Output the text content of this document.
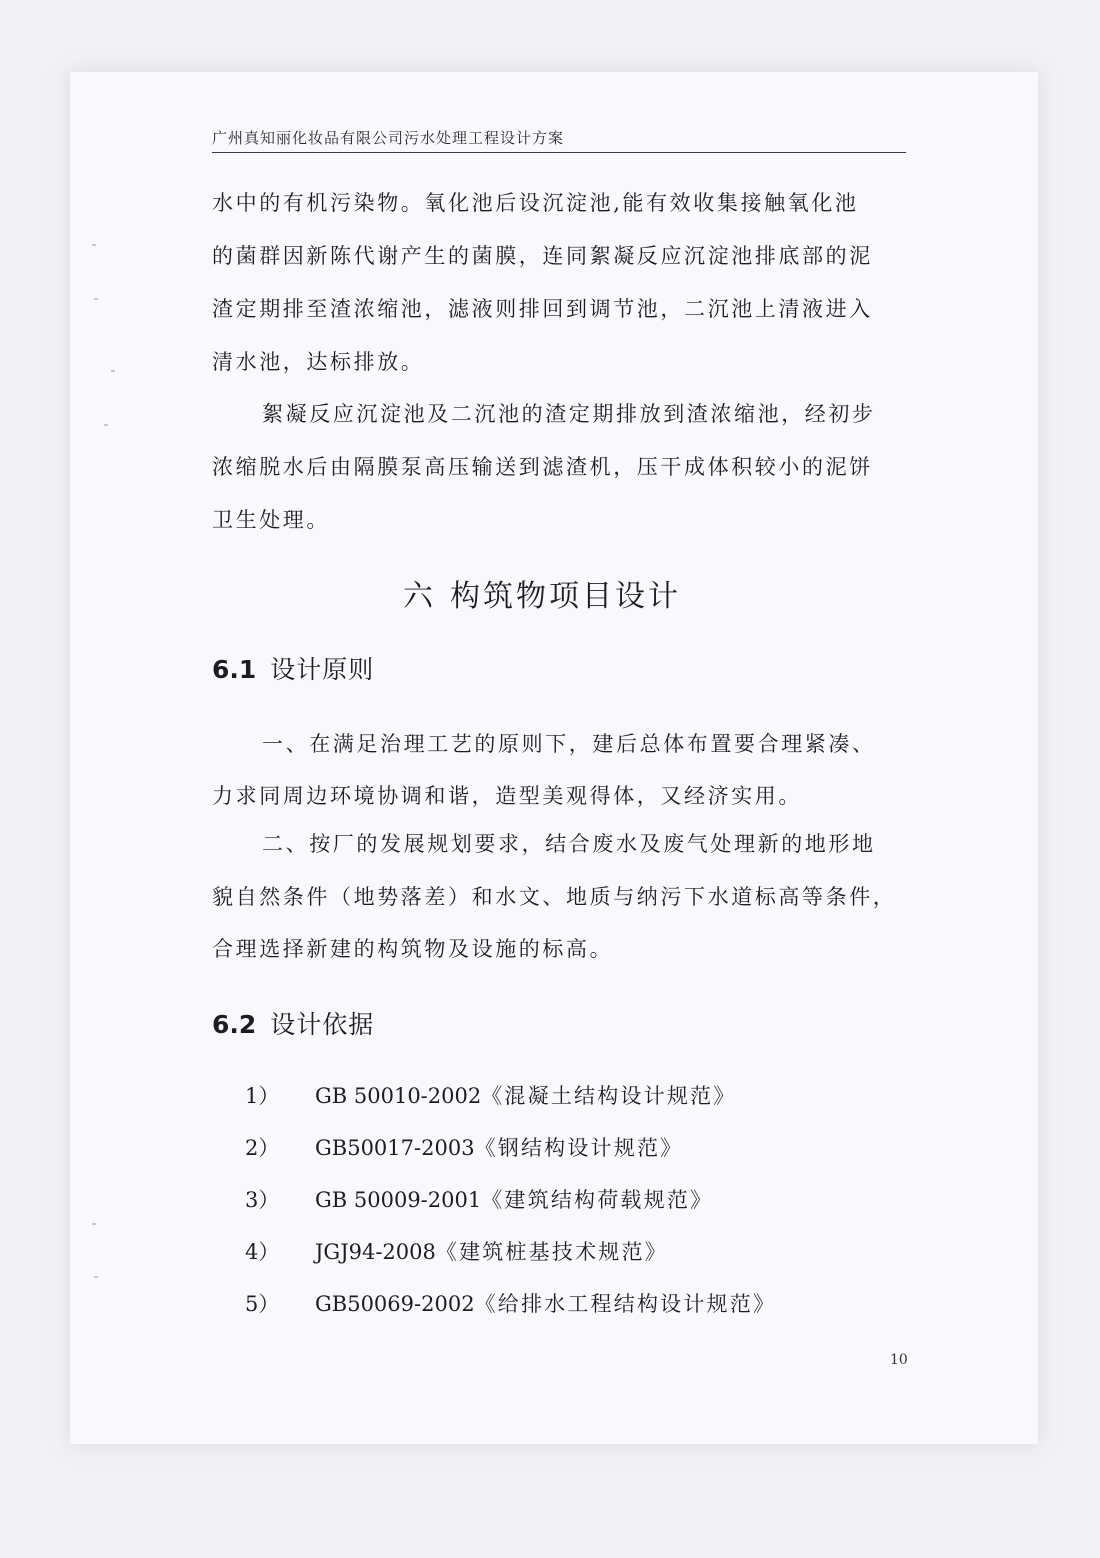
广州真知丽化妆品有限公司污水处理工程设计方案
水中的有机污染物。氧化池后设沉淀池,能有效收集接触氧化池
的菌群因新陈代谢产生的菌膜，连同絮凝反应沉淀池排底部的泥
渣定期排至渣浓缩池，滤液则排回到调节池，二沉池上清液进入
清水池，达标排放。
絮凝反应沉淀池及二沉池的渣定期排放到渣浓缩池，经初步
浓缩脱水后由隔膜泵高压输送到滤渣机，压干成体积较小的泥饼
卫生处理。
六 构筑物项目设计
6.1 设计原则
一、在满足治理工艺的原则下，建后总体布置要合理紧凑、
力求同周边环境协调和谐，造型美观得体，又经济实用。
二、按厂的发展规划要求，结合废水及废气处理新的地形地
貌自然条件（地势落差）和水文、地质与纳污下水道标高等条件，
合理选择新建的构筑物及设施的标高。
6.2 设计依据
1） GB 50010-2002《混凝土结构设计规范》
2） GB50017-2003《钢结构设计规范》
3） GB 50009-2001《建筑结构荷载规范》
4） JGJ94-2008《建筑桩基技术规范》
5） GB50069-2002《给排水工程结构设计规范》
10
